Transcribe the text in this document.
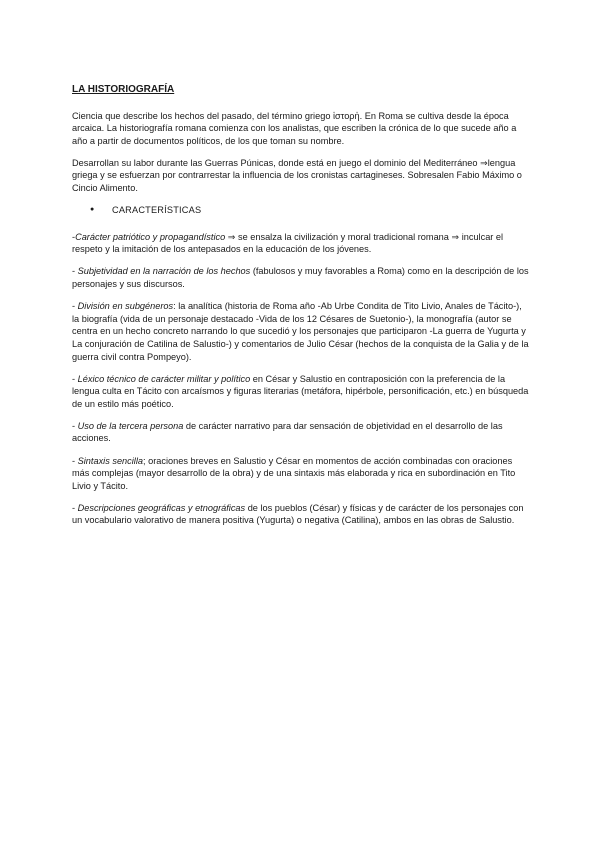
LA HISTORIOGRAFÍA

Ciencia que describe los hechos del pasado, del término griego ἱστορἡ. En Roma se cultiva desde la época arcaica. La historiografía romana comienza con los analistas, que escriben la crónica de lo que sucede año a año a partir de documentos políticos, de los que toman su nombre.

Desarrollan su labor durante las Guerras Púnicas, donde está en juego el dominio del Mediterráneo ⇒lengua griega y se esfuerzan por contrarrestar la influencia de los cronistas cartagineses. Sobresalen Fabio Máximo o Cincio Alimento.

●	CARACTERÍSTICAS

-Carácter patriótico y propagandístico ⇒ se ensalza la civilización y moral tradicional romana ⇒ inculcar el respeto y la imitación de los antepasados en la educación de los jóvenes.

- Subjetividad en la narración de los hechos (fabulosos y muy favorables a Roma) como en la descripción de los personajes y sus discursos.

- División en subgéneros: la analítica (historia de Roma año -Ab Urbe Condita de Tito Livio, Anales de Tácito-), la biografía (vida de un personaje destacado -Vida de los 12 Césares de Suetonio-), la monografía (autor se centra en un hecho concreto narrando lo que sucedió y los personajes que participaron -La guerra de Yugurta y La conjuración de Catilina de Salustio-) y comentarios de Julio César (hechos de la conquista de la Galia y de la guerra civil contra Pompeyo).

- Léxico técnico de carácter militar y político en César y Salustio en contraposición con la preferencia de la lengua culta en Tácito con arcaísmos y figuras literarias (metáfora, hipérbole, personificación, etc.) en búsqueda de un estilo más poético.

- Uso de la tercera persona de carácter narrativo para dar sensación de objetividad en el desarrollo de las acciones.

- Sintaxis sencilla; oraciones breves en Salustio y César en momentos de acción combinadas con oraciones más complejas (mayor desarrollo de la obra) y de una sintaxis más elaborada y rica en subordinación en Tito Livio y Tácito.

- Descripciones geográficas y etnográficas de los pueblos (César) y físicas y de carácter de los personajes con un vocabulario valorativo de manera positiva (Yugurta) o negativa (Catilina), ambos en las obras de Salustio.
